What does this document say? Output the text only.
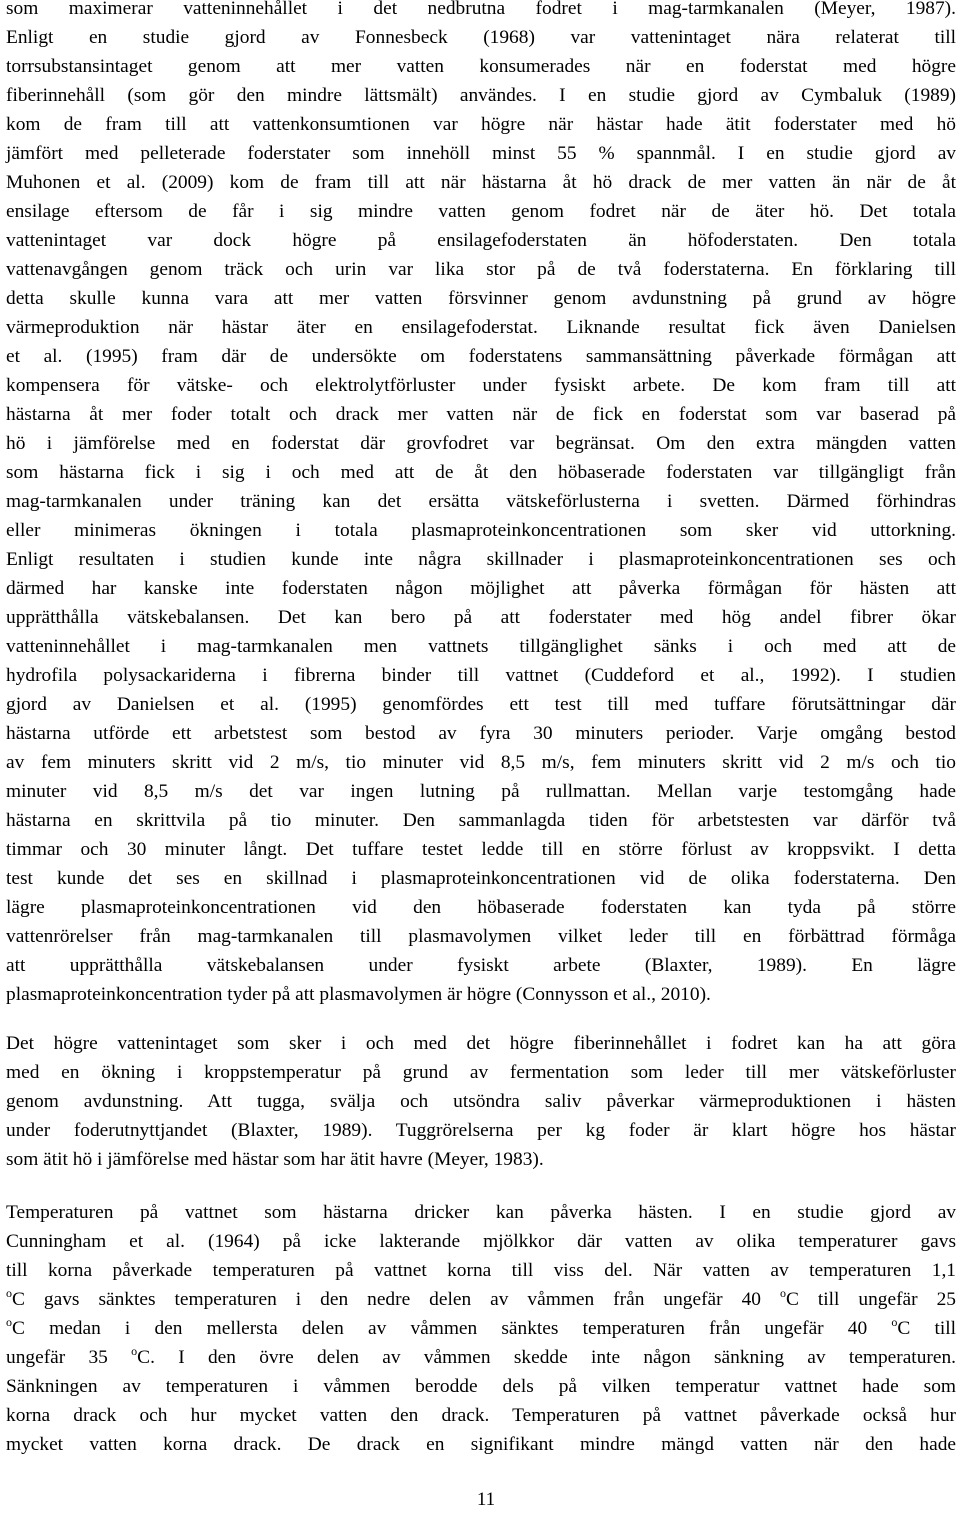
som maximerar vatteninnehållet i det nedbrutna fodret i mag-tarmkanalen (Meyer, 1987).
Enligt en studie gjord av Fonnesbeck (1968) var vattenintaget nära relaterat till
torrsubstansintaget genom att mer vatten konsumerades när en foderstat med högre
fiberinnehåll (som gör den mindre lättsmält) användes. I en studie gjord av Cymbaluk (1989)
kom de fram till att vattenkonsumtionen var högre när hästar hade ätit foderstater med hö
jämfört med pelleterade foderstater som innehöll minst 55 % spannmål. I en studie gjord av
Muhonen et al. (2009) kom de fram till att när hästarna åt hö drack de mer vatten än när de åt
ensilage eftersom de får i sig mindre vatten genom fodret när de äter hö. Det totala
vattenintaget var dock högre på ensilagefoderstaten än höfoderstaten. Den totala
vattenavgången genom träck och urin var lika stor på de två foderstaterna. En förklaring till
detta skulle kunna vara att mer vatten försvinner genom avdunstning på grund av högre
värmeproduktion när hästar äter en ensilagefoderstat. Liknande resultat fick även Danielsen
et al. (1995) fram där de undersökte om foderstatens sammansättning påverkade förmågan att
kompensera för vätske- och elektrolytförluster under fysiskt arbete. De kom fram till att
hästarna åt mer foder totalt och drack mer vatten när de fick en foderstat som var baserad på
hö i jämförelse med en foderstat där grovfodret var begränsat. Om den extra mängden vatten
som hästarna fick i sig i och med att de åt den höbaserade foderstaten var tillgängligt från
mag-tarmkanalen under träning kan det ersätta vätskeförlusterna i svetten. Därmed förhindras
eller minimeras ökningen i totala plasmaproteinkoncentrationen som sker vid uttorkning.
Enligt resultaten i studien kunde inte några skillnader i plasmaproteinkoncentrationen ses och
därmed har kanske inte foderstaten någon möjlighet att påverka förmågan för hästen att
upprätthålla vätskebalansen. Det kan bero på att foderstater med hög andel fibrer ökar
vatteninnehållet i mag-tarmkanalen men vattnets tillgänglighet sänks i och med att de
hydrofila polysackariderna i fibrerna binder till vattnet (Cuddeford et al., 1992). I studien
gjord av Danielsen et al. (1995) genomfördes ett test till med tuffare förutsättningar där
hästarna utförde ett arbetstest som bestod av fyra 30 minuters perioder. Varje omgång bestod
av fem minuters skritt vid 2 m/s, tio minuter vid 8,5 m/s, fem minuters skritt vid 2 m/s och tio
minuter vid 8,5 m/s det var ingen lutning på rullmattan. Mellan varje testomgång hade
hästarna en skrittvila på tio minuter. Den sammanlagda tiden för arbetstesten var därför två
timmar och 30 minuter långt. Det tuffare testet ledde till en större förlust av kroppsvikt. I detta
test kunde det ses en skillnad i plasmaproteinkoncentrationen vid de olika foderstaterna. Den
lägre plasmaproteinkoncentrationen vid den höbaserade foderstaten kan tyda på större
vattenrörelser från mag-tarmkanalen till plasmavolymen vilket leder till en förbättrad förmåga
att upprätthålla vätskebalansen under fysiskt arbete (Blaxter, 1989). En lägre
plasmaproteinkoncentration tyder på att plasmavolymen är högre (Connysson et al., 2010).
Det högre vattenintaget som sker i och med det högre fiberinnehållet i fodret kan ha att göra
med en ökning i kroppstemperatur på grund av fermentation som leder till mer vätskeförluster
genom avdunstning. Att tugga, svälja och utsöndra saliv påverkar värmeproduktionen i hästen
under foderutnyttjandet (Blaxter, 1989). Tuggrörelserna per kg foder är klart högre hos hästar
som ätit hö i jämförelse med hästar som har ätit havre (Meyer, 1983).
Temperaturen på vattnet som hästarna dricker kan påverka hästen. I en studie gjord av
Cunningham et al. (1964) på icke lakterande mjölkkor där vatten av olika temperaturer gavs
till korna påverkade temperaturen på vattnet korna till viss del. När vatten av temperaturen 1,1
$^o$C gavs sänktes temperaturen i den nedre delen av våmmen från ungefär 40 $^o$C till ungefär 25
$^o$C medan i den mellersta delen av våmmen sänktes temperaturen från ungefär 40 $^o$C till
ungefär 35 $^o$C. I den övre delen av våmmen skedde inte någon sänkning av temperaturen.
Sänkningen av temperaturen i våmmen berodde dels på vilken temperatur vattnet hade som
korna drack och hur mycket vatten den drack. Temperaturen på vattnet påverkade också hur
mycket vatten korna drack. De drack en signifikant mindre mängd vatten när den hade
11
